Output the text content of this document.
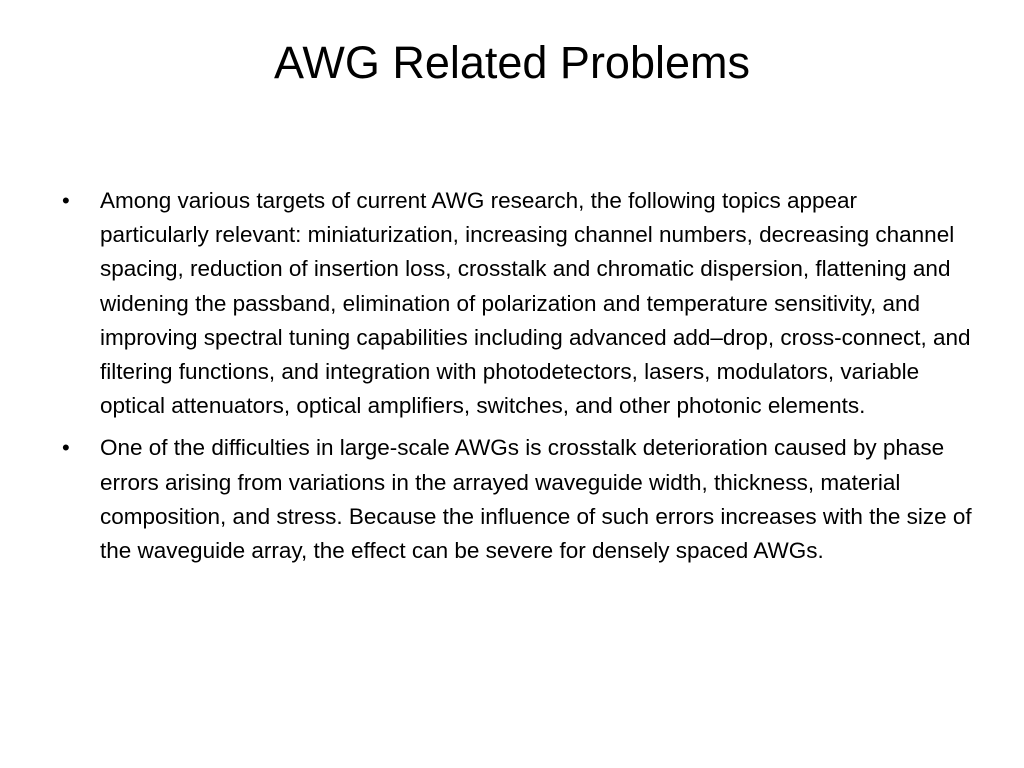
AWG Related Problems
•	Among various targets of current AWG research, the following topics appear particularly relevant: miniaturization, increasing channel numbers, decreasing channel spacing, reduction of insertion loss, crosstalk and chromatic dispersion, flattening and widening the passband, elimination of polarization and temperature sensitivity, and improving spectral tuning capabilities including advanced add–drop, cross-connect, and filtering functions, and integration with photodetectors, lasers, modulators, variable optical attenuators, optical amplifiers, switches, and other photonic elements.
•	One of the difficulties in large-scale AWGs is crosstalk deterioration caused by phase errors arising from variations in the arrayed waveguide width, thickness, material composition, and stress. Because the influence of such errors increases with the size of the waveguide array, the effect can be severe for densely spaced AWGs.
